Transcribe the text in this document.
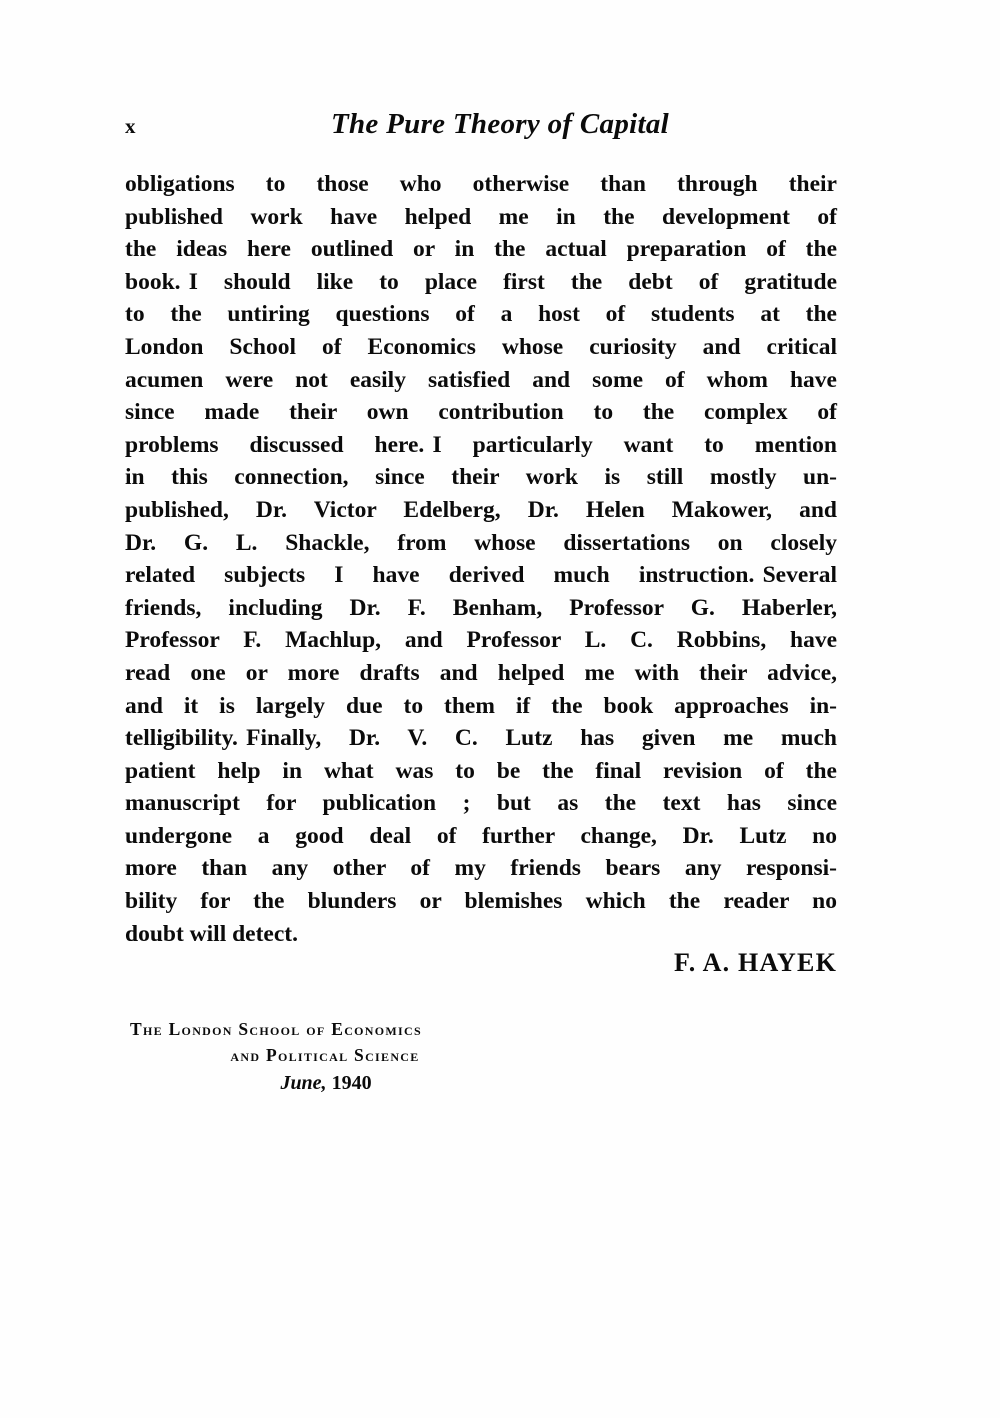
x	The Pure Theory of Capital
obligations to those who otherwise than through their
published work have helped me in the development of
the ideas here outlined or in the actual preparation of the
book. I should like to place first the debt of gratitude
to the untiring questions of a host of students at the
London School of Economics whose curiosity and critical
acumen were not easily satisfied and some of whom have
since made their own contribution to the complex of
problems discussed here. I particularly want to mention
in this connection, since their work is still mostly un-
published, Dr. Victor Edelberg, Dr. Helen Makower, and
Dr. G. L. Shackle, from whose dissertations on closely
related subjects I have derived much instruction. Several
friends, including Dr. F. Benham, Professor G. Haberler,
Professor F. Machlup, and Professor L. C. Robbins, have
read one or more drafts and helped me with their advice,
and it is largely due to them if the book approaches in-
telligibility. Finally, Dr. V. C. Lutz has given me much
patient help in what was to be the final revision of the
manuscript for publication ; but as the text has since
undergone a good deal of further change, Dr. Lutz no
more than any other of my friends bears any responsi-
bility for the blunders or blemishes which the reader no
doubt will detect.
F. A. HAYEK
The London School of Economics
and Political Science
June, 1940
